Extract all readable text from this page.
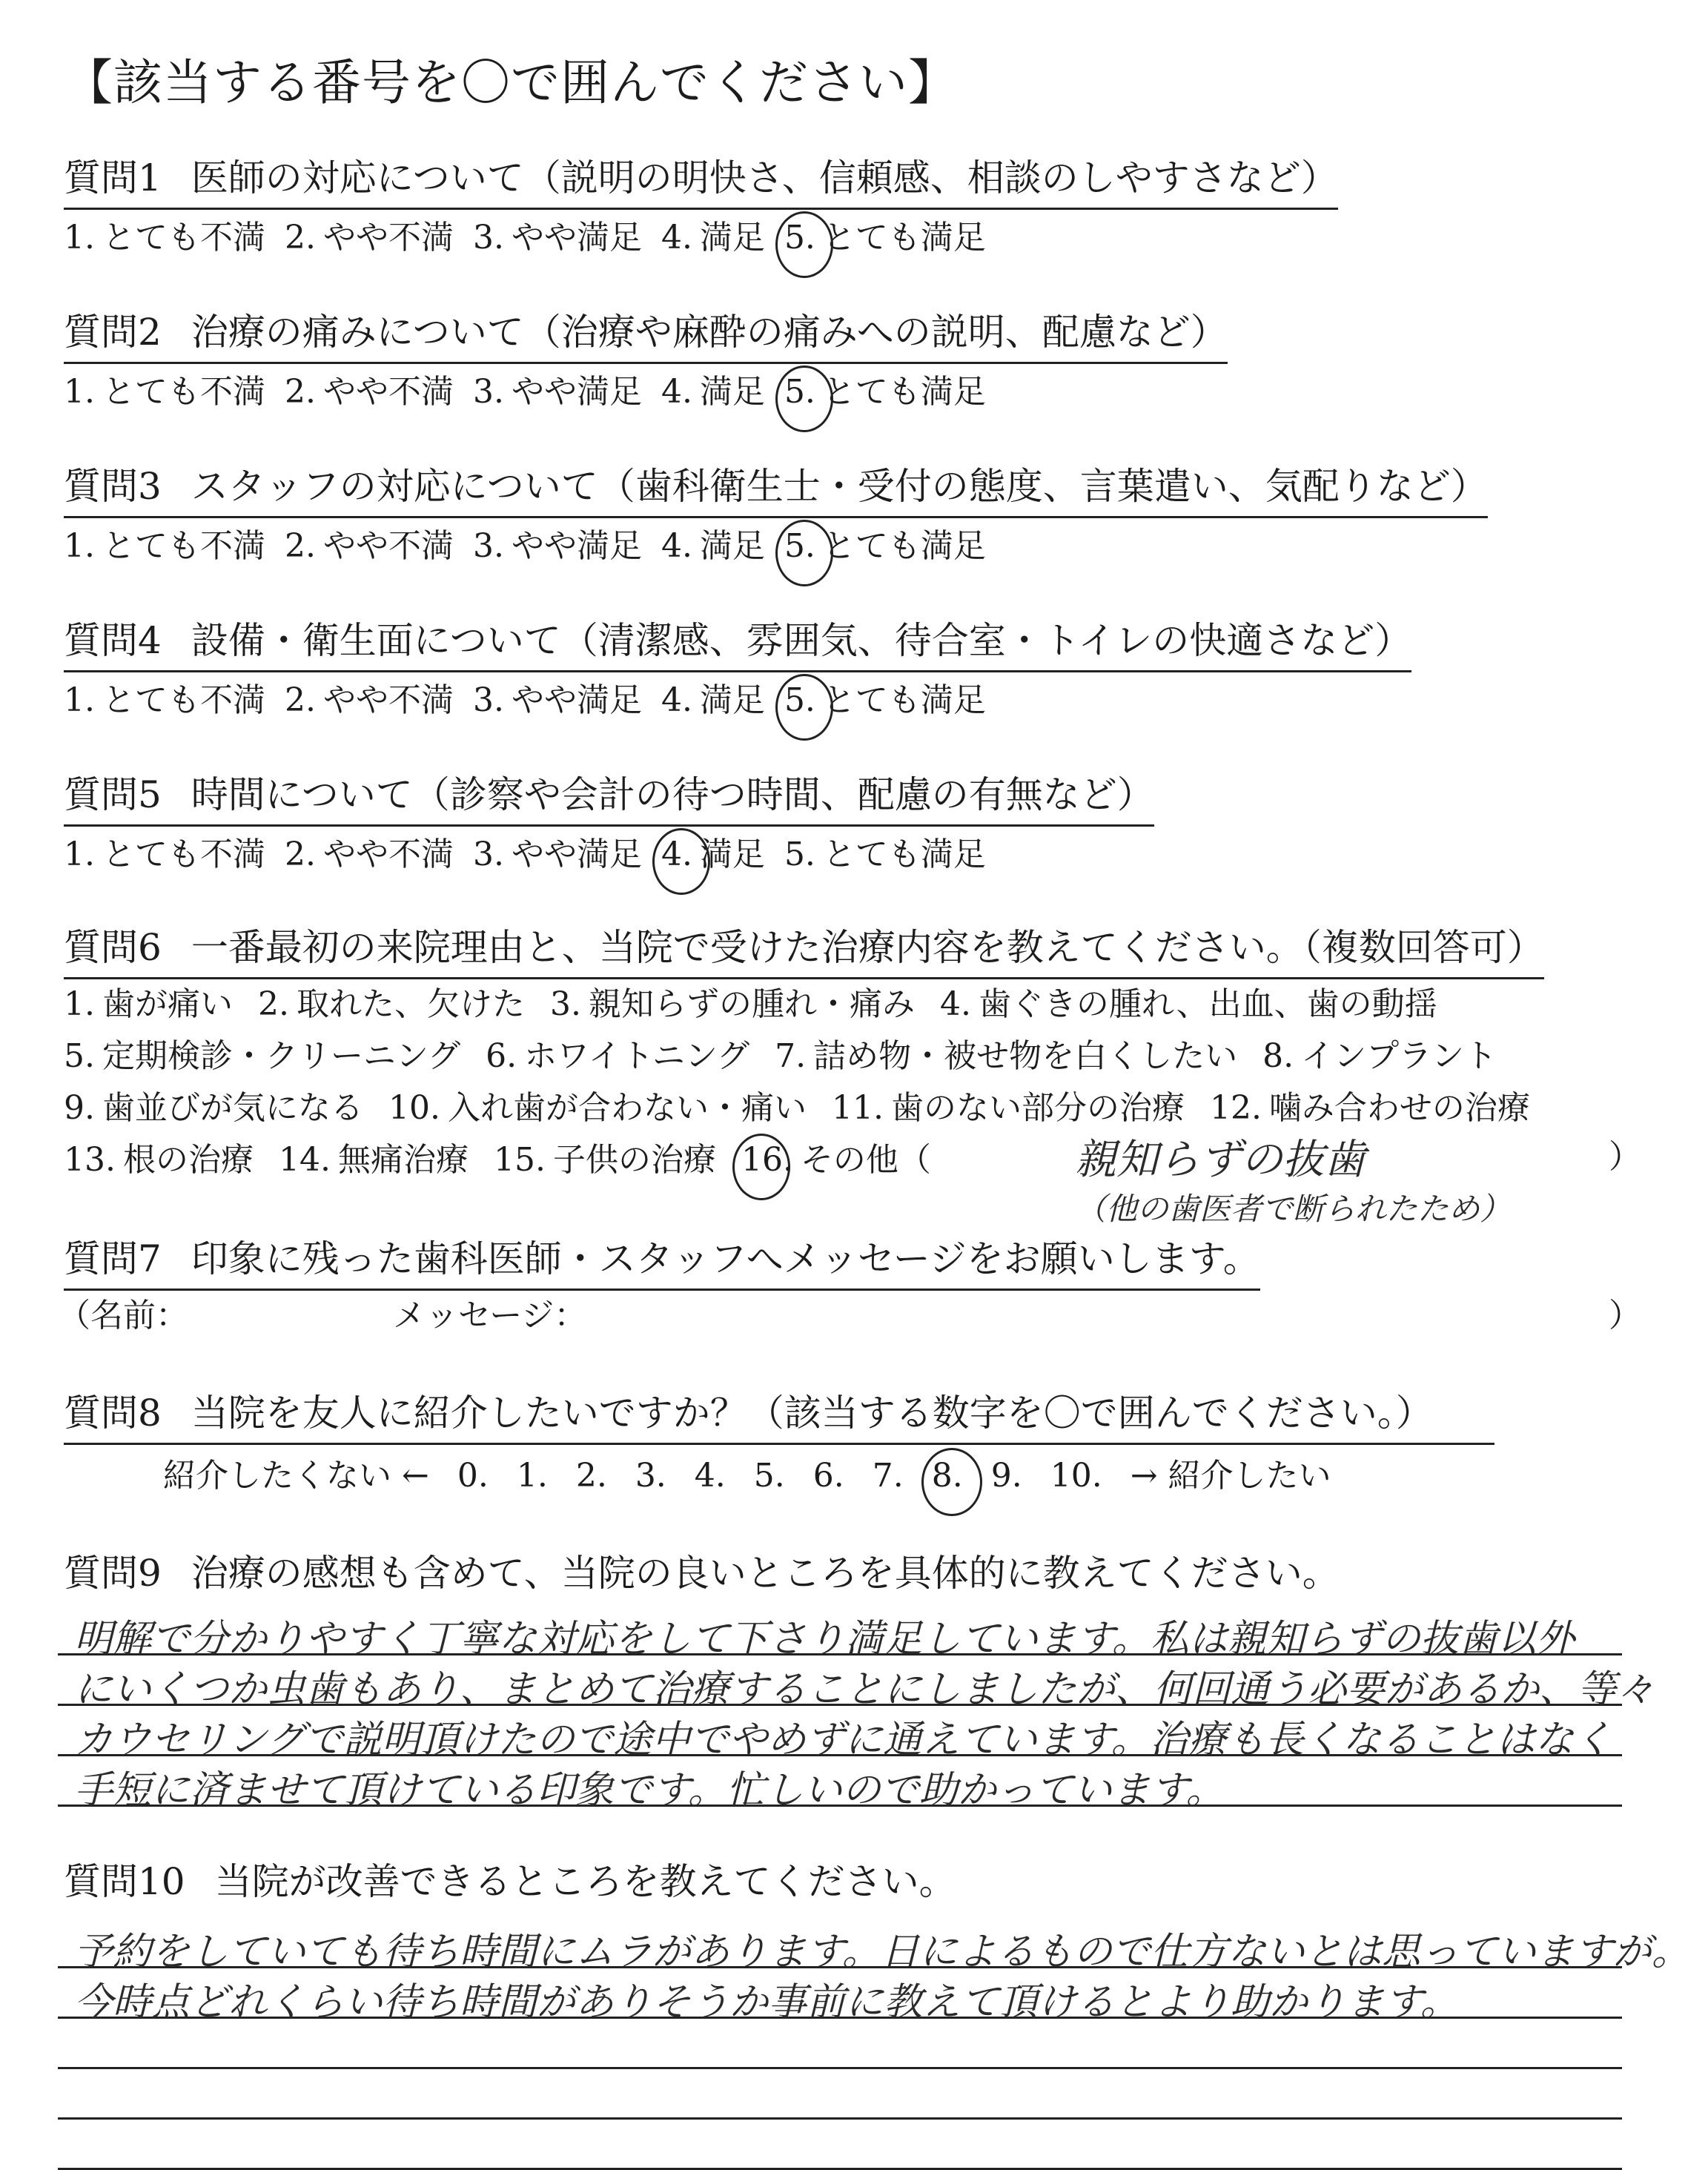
【該当する番号を〇で囲んでください】
質問1 医師の対応について（説明の明快さ、信頼感、相談のしやすさなど）
1. とても不満 2. やや不満 3. やや満足 4. 満足 5. とても満足
質問2 治療の痛みについて（治療や麻酔の痛みへの説明、配慮など）
1. とても不満 2. やや不満 3. やや満足 4. 満足 5. とても満足
質問3 スタッフの対応について（歯科衛生士・受付の態度、言葉遣い、気配りなど）
1. とても不満 2. やや不満 3. やや満足 4. 満足 5. とても満足
質問4 設備・衛生面について（清潔感、雰囲気、待合室・トイレの快適さなど）
1. とても不満 2. やや不満 3. やや満足 4. 満足 5. とても満足
質問5 時間について（診察や会計の待つ時間、配慮の有無など）
1. とても不満 2. やや不満 3. やや満足 4. 満足 5. とても満足
質問6 一番最初の来院理由と、当院で受けた治療内容を教えてください。（複数回答可）
1. 歯が痛い 2. 取れた、欠けた 3. 親知らずの腫れ・痛み 4. 歯ぐきの腫れ、出血、歯の動揺
5. 定期検診・クリーニング 6. ホワイトニング 7. 詰め物・被せ物を白くしたい 8. インプラント
9. 歯並びが気になる 10. 入れ歯が合わない・痛い 11. 歯のない部分の治療 12. 噛み合わせの治療
13. 根の治療 14. 無痛治療 15. 子供の治療 16. その他（	親知らずの抜歯
（他の歯医者で断られたため）
）
質問7 印象に残った歯科医師・スタッフへメッセージをお願いします。
（名前：	メッセージ：	）
質問8 当院を友人に紹介したいですか？（該当する数字を〇で囲んでください。）
紹介したくない ← 0. 1. 2. 3. 4. 5. 6. 7. 8. 9. 10. → 紹介したい
質問9 治療の感想も含めて、当院の良いところを具体的に教えてください。
明解で分かりやすく丁寧な対応をして下さり満足しています。私は親知らずの抜歯以外
にいくつか虫歯もあり、まとめて治療することにしましたが、何回通う必要があるか、等々
カウセリングで説明頂けたので途中でやめずに通えています。治療も長くなることはなく
手短に済ませて頂けている印象です。忙しいので助かっています。
質問10 当院が改善できるところを教えてください。
予約をしていても待ち時間にムラがあります。日によるもので仕方ないとは思っていますが。
今時点どれくらい待ち時間がありそうか事前に教えて頂けるとより助かります。
